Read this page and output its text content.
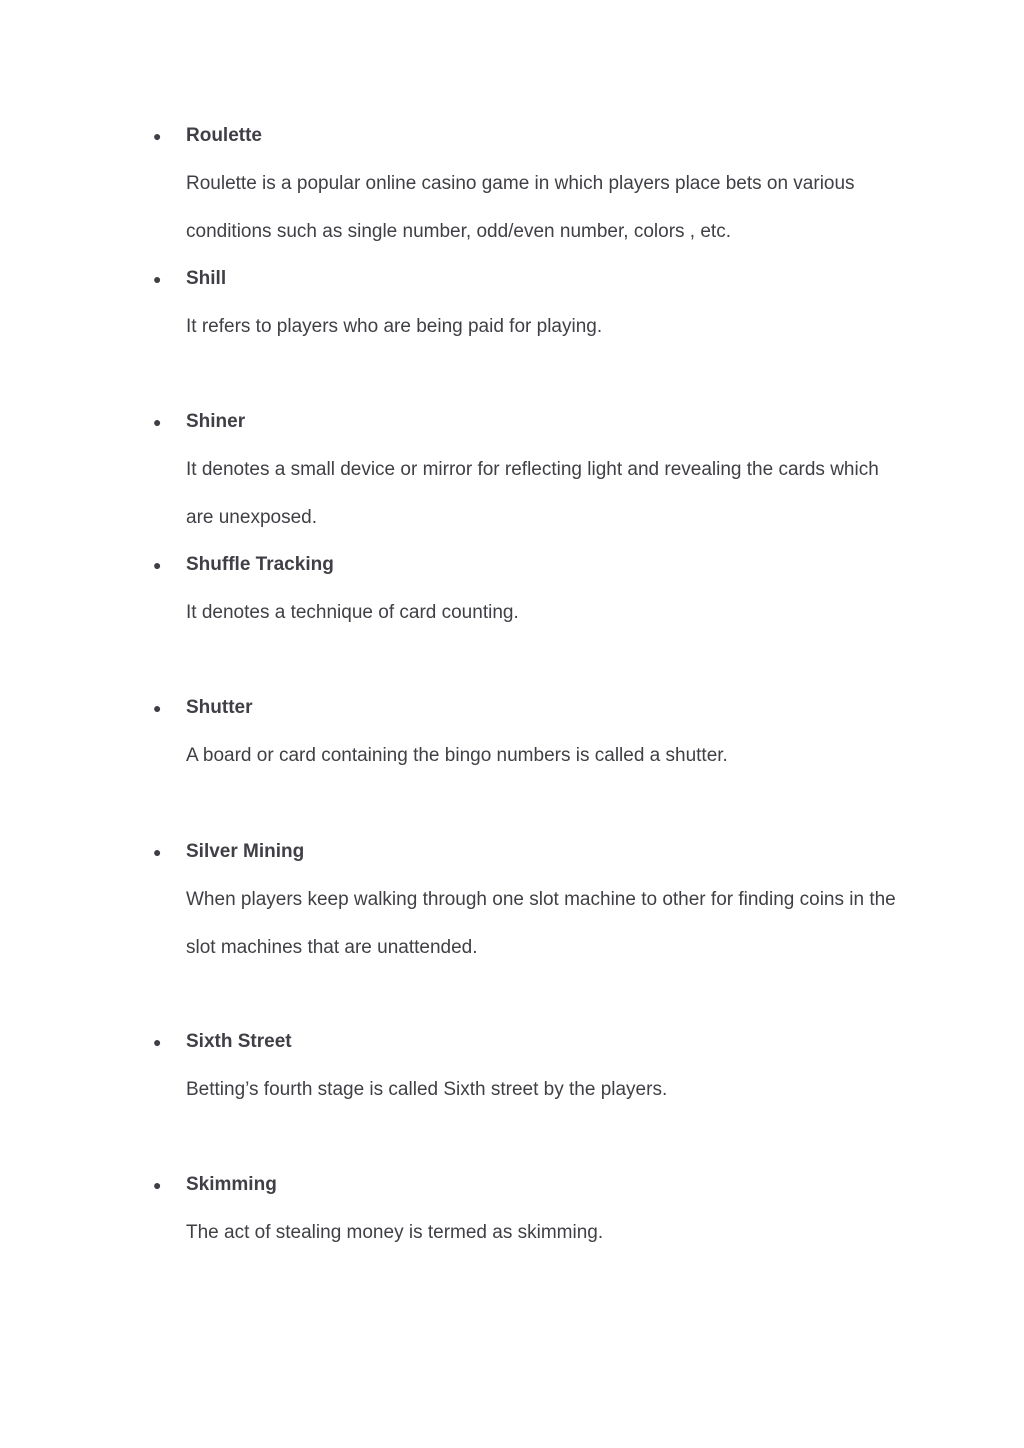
● Roulette

Roulette is a popular online casino game in which players place bets on various conditions such as single number, odd/even number, colors , etc.

● Shill

It refers to players who are being paid for playing.

● Shiner

It denotes a small device or mirror for reflecting light and revealing the cards which are unexposed.

● Shuffle Tracking

It denotes a technique of card counting.

● Shutter

A board or card containing the bingo numbers is called a shutter.

● Silver Mining

When players keep walking through one slot machine to other for finding coins in the slot machines that are unattended.

● Sixth Street

Betting’s fourth stage is called Sixth street by the players.

● Skimming

The act of stealing money is termed as skimming.
